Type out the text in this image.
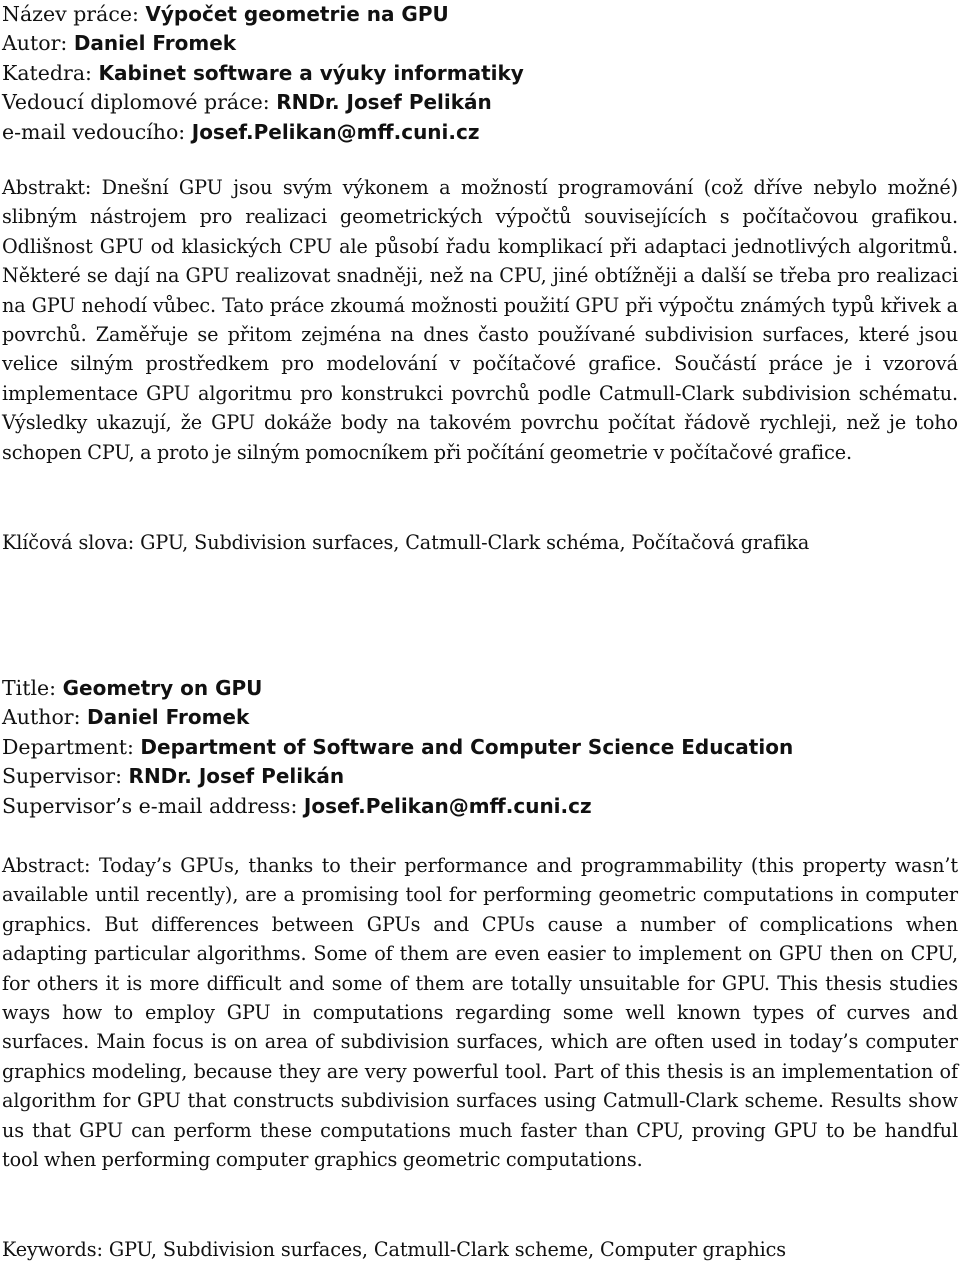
Název práce: Výpočet geometrie na GPU
Autor: Daniel Fromek
Katedra: Kabinet software a výuky informatiky
Vedoucí diplomové práce: RNDr. Josef Pelikán
e-mail vedoucího: Josef.Pelikan@mff.cuni.cz
Abstrakt: Dnešní GPU jsou svým výkonem a možností programování (což dříve nebylo možné) slibným nástrojem pro realizaci geometrických výpočtů souvisejících s počítačovou grafikou. Odlišnost GPU od klasických CPU ale působí řadu komplikací při adaptaci jednotlivých algoritmů. Některé se dají na GPU realizovat snadněji, než na CPU, jiné obtížněji a další se třeba pro realizaci na GPU nehodí vůbec. Tato práce zkoumá možnosti použití GPU při výpočtu známých typů křivek a povrchů. Zaměřuje se přitom zejména na dnes často používané subdivision surfaces, které jsou velice silným prostředkem pro modelování v počítačové grafice. Součástí práce je i vzorová implementace GPU algoritmu pro konstrukci povrchů podle Catmull-Clark subdivision schématu. Výsledky ukazují, že GPU dokáže body na takovém povrchu počítat řádově rychleji, než je toho schopen CPU, a proto je silným pomocníkem při počítání geometrie v počítačové grafice.
Klíčová slova: GPU, Subdivision surfaces, Catmull-Clark schéma, Počítačová grafika
Title: Geometry on GPU
Author: Daniel Fromek
Department: Department of Software and Computer Science Education
Supervisor: RNDr. Josef Pelikán
Supervisor’s e-mail address: Josef.Pelikan@mff.cuni.cz
Abstract: Today’s GPUs, thanks to their performance and programmability (this property wasn’t available until recently), are a promising tool for performing geometric computations in computer graphics. But differences between GPUs and CPUs cause a number of complications when adapting particular algorithms. Some of them are even easier to implement on GPU then on CPU, for others it is more difficult and some of them are totally unsuitable for GPU. This thesis studies ways how to employ GPU in computations regarding some well known types of curves and surfaces. Main focus is on area of subdivision surfaces, which are often used in today’s computer graphics modeling, because they are very powerful tool. Part of this thesis is an implementation of algorithm for GPU that constructs subdivision surfaces using Catmull-Clark scheme. Results show us that GPU can perform these computations much faster than CPU, proving GPU to be handful tool when performing computer graphics geometric computations.
Keywords: GPU, Subdivision surfaces, Catmull-Clark scheme, Computer graphics
